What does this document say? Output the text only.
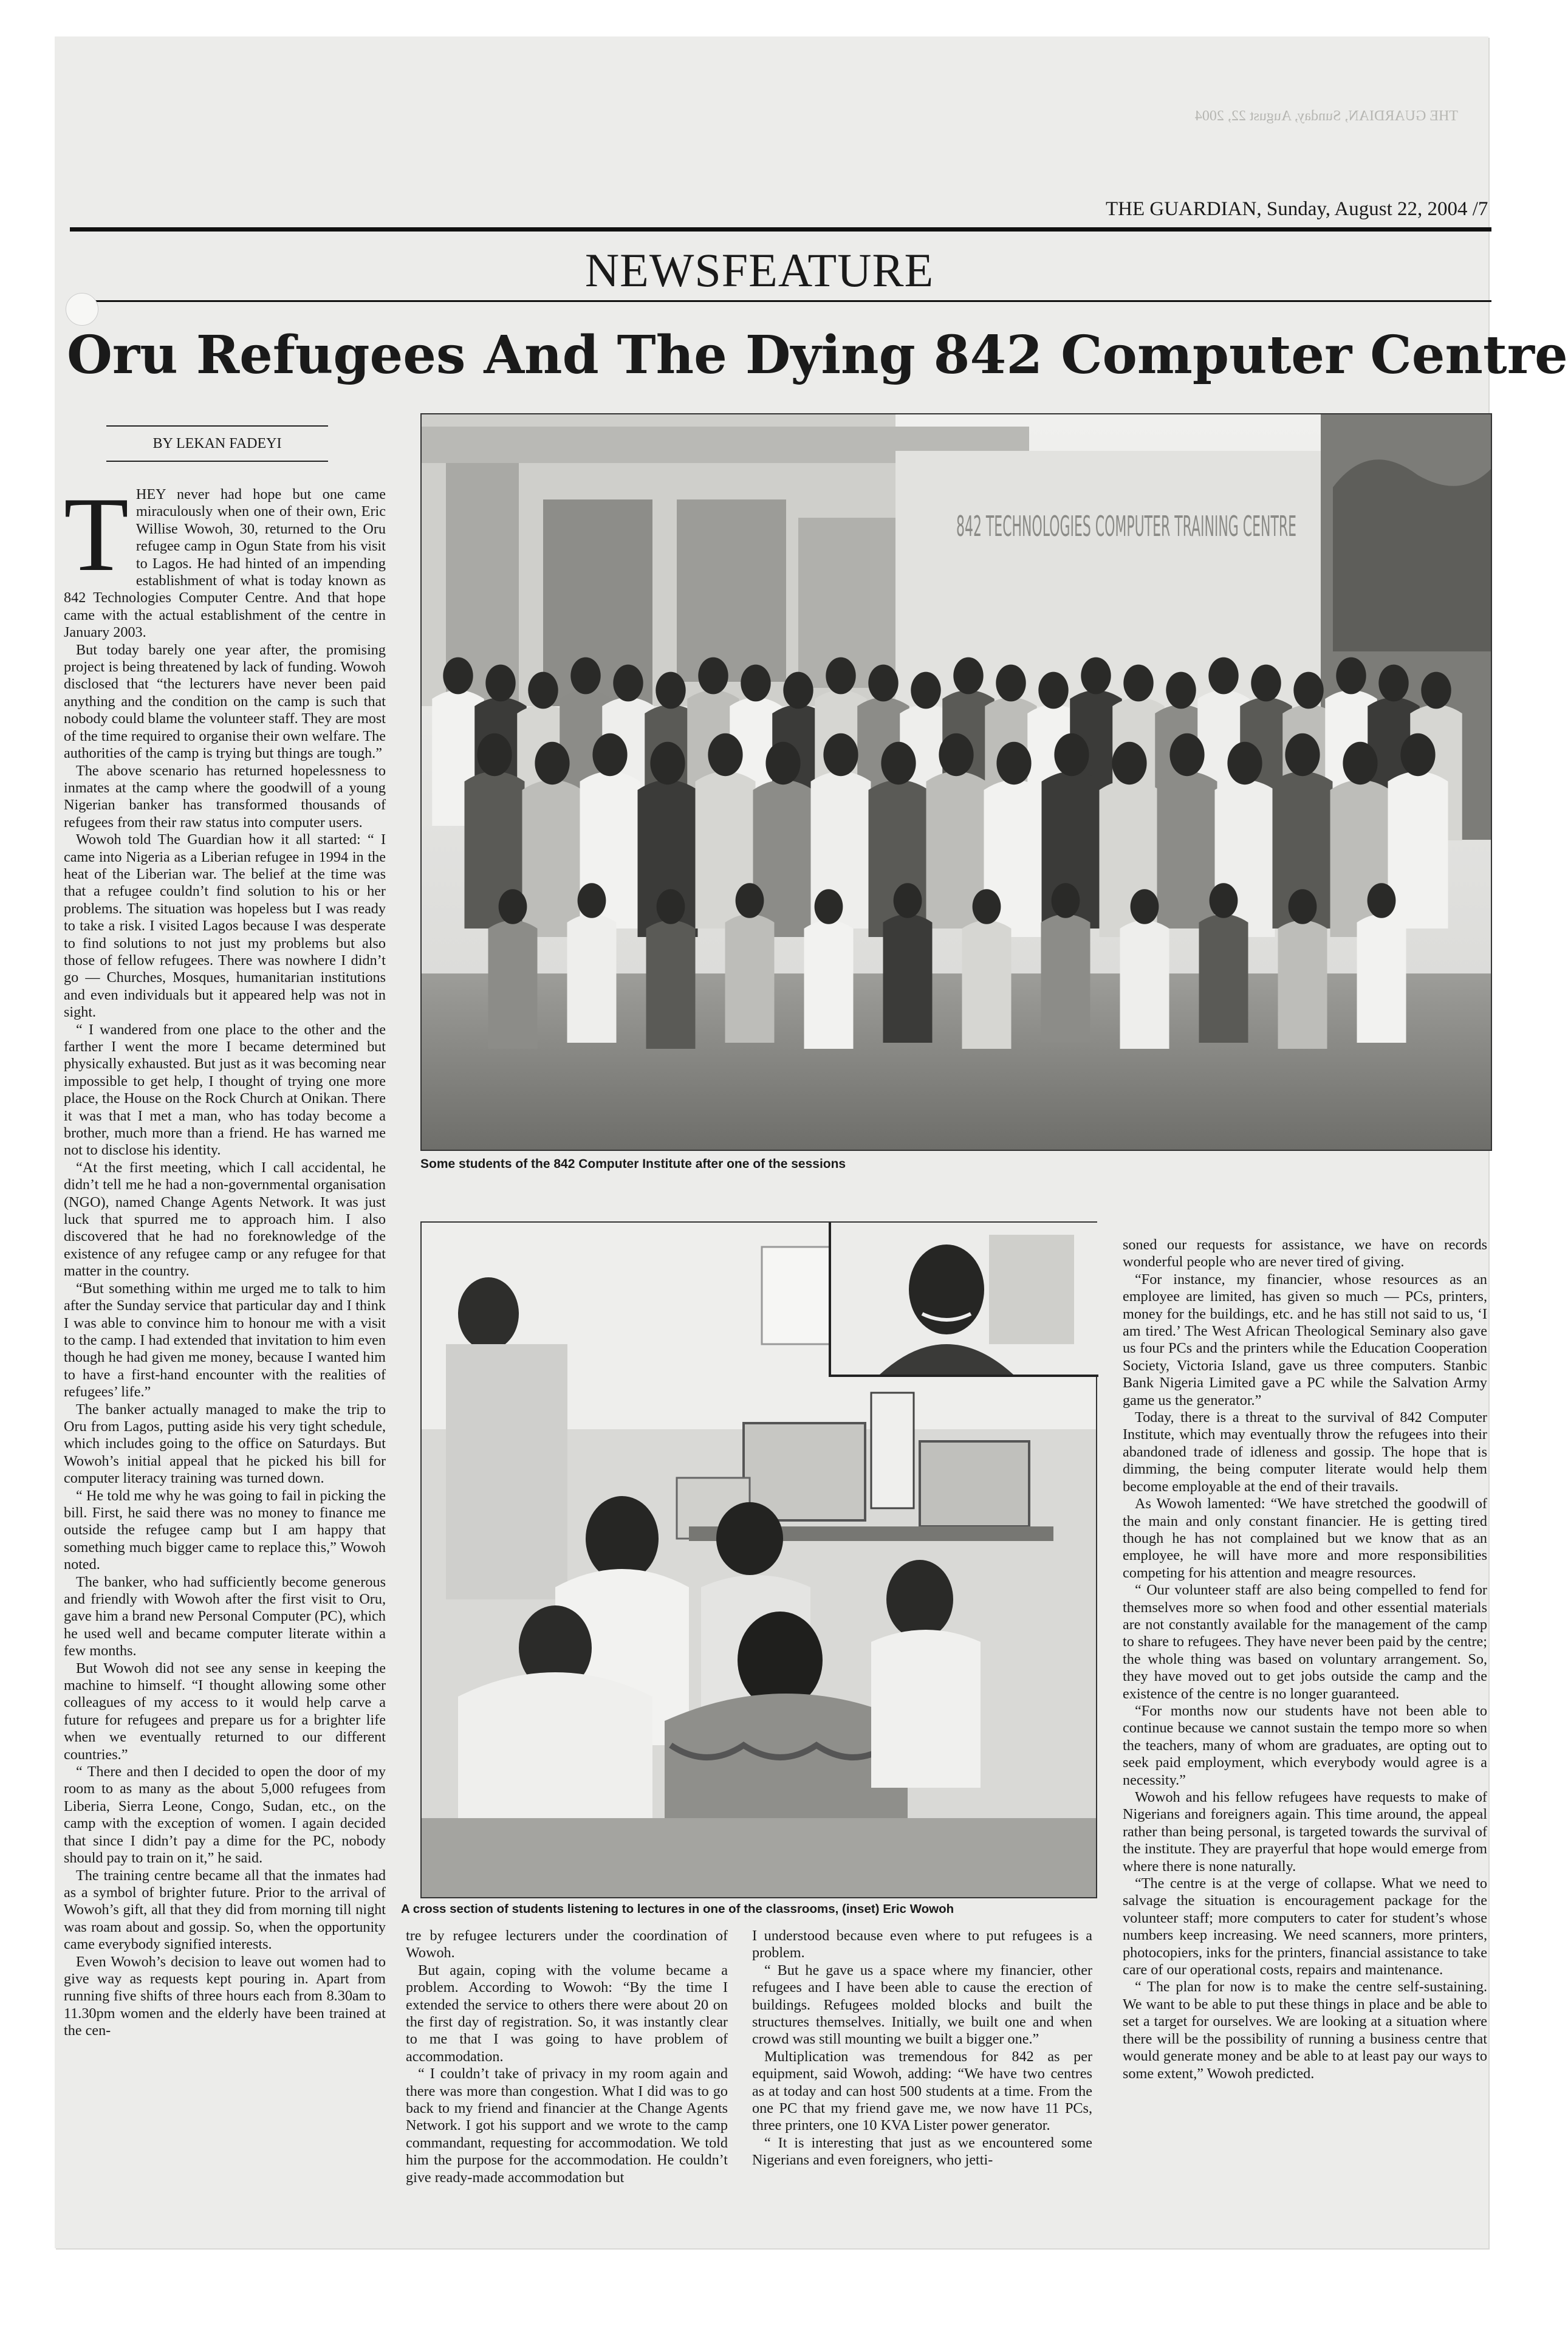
THE GUARDIAN, Sunday, August 22, 2004
THE GUARDIAN, Sunday, August 22, 2004 /7
NEWSFEATURE
Oru Refugees And The Dying 842 Computer Centre
BY LEKAN FADEYI
T HEY never had hope but one came miraculously when one of their own, Eric Willise Wowoh, 30, returned to the Oru refugee camp in Ogun State from his visit to Lagos. He had hinted of an impending establishment of what is today known as 842 Technologies Computer Centre. And that hope came with the actual establishment of the centre in January 2003.

But today barely one year after, the promising project is being threatened by lack of funding. Wowoh disclosed that “the lecturers have never been paid anything and the condition on the camp is such that nobody could blame the volunteer staff. They are most of the time required to organise their own welfare. The authorities of the camp is trying but things are tough.”

The above scenario has returned hopelessness to inmates at the camp where the goodwill of a young Nigerian banker has transformed thousands of refugees from their raw status into computer users.

Wowoh told The Guardian how it all started: “ I came into Nigeria as a Liberian refugee in 1994 in the heat of the Liberian war. The belief at the time was that a refugee couldn’t find solution to his or her problems. The situation was hopeless but I was ready to take a risk. I visited Lagos because I was desperate to find solutions to not just my problems but also those of fellow refugees. There was nowhere I didn’t go — Churches, Mosques, humanitarian institutions and even individuals but it appeared help was not in sight.

“ I wandered from one place to the other and the farther I went the more I became determined but physically exhausted. But just as it was becoming near impossible to get help, I thought of trying one more place, the House on the Rock Church at Onikan. There it was that I met a man, who has today become a brother, much more than a friend. He has warned me not to disclose his identity.

“At the first meeting, which I call accidental, he didn’t tell me he had a non-governmental organisation (NGO), named Change Agents Network. It was just luck that spurred me to approach him. I also discovered that he had no foreknowledge of the existence of any refugee camp or any refugee for that matter in the country.

“But something within me urged me to talk to him after the Sunday service that particular day and I think I was able to convince him to honour me with a visit to the camp. I had extended that invitation to him even though he had given me money, because I wanted him to have a first-hand encounter with the realities of refugees’ life.”

The banker actually managed to make the trip to Oru from Lagos, putting aside his very tight schedule, which includes going to the office on Saturdays. But Wowoh’s initial appeal that he picked his bill for computer literacy training was turned down.

“ He told me why he was going to fail in picking the bill. First, he said there was no money to finance me outside the refugee camp but I am happy that something much bigger came to replace this,” Wowoh noted.

The banker, who had sufficiently become generous and friendly with Wowoh after the first visit to Oru, gave him a brand new Personal Computer (PC), which he used well and became computer literate within a few months.

But Wowoh did not see any sense in keeping the machine to himself. “I thought allowing some other colleagues of my access to it would help carve a future for refugees and prepare us for a brighter life when we eventually returned to our different countries.”

“ There and then I decided to open the door of my room to as many as the about 5,000 refugees from Liberia, Sierra Leone, Congo, Sudan, etc., on the camp with the exception of women. I again decided that since I didn’t pay a dime for the PC, nobody should pay to train on it,” he said.

The training centre became all that the inmates had as a symbol of brighter future. Prior to the arrival of Wowoh’s gift, all that they did from morning till night was roam about and gossip. So, when the opportunity came everybody signified interests.

Even Wowoh’s decision to leave out women had to give way as requests kept pouring in. Apart from running five shifts of three hours each from 8.30am to 11.30pm women and the elderly have been trained at the cen-

842 TECHNOLOGIES COMPUTER TRAINING CENTRE
Some students of the 842 Computer Institute after one of the sessions
A cross section of students listening to lectures in one of the classrooms, (inset) Eric Wowoh

tre by refugee lecturers under the coordination of Wowoh.

But again, coping with the volume became a problem. According to Wowoh: “By the time I extended the service to others there were about 20 on the first day of registration. So, it was instantly clear to me that I was going to have problem of accommodation.

“ I couldn’t take of privacy in my room again and there was more than congestion. What I did was to go back to my friend and financier at the Change Agents Network. I got his support and we wrote to the camp commandant, requesting for accommodation. We told him the purpose for the accommodation. He couldn’t give ready-made accommodation but

I understood because even where to put refugees is a problem.

“ But he gave us a space where my financier, other refugees and I have been able to cause the erection of buildings. Refugees molded blocks and built the structures themselves. Initially, we built one and when crowd was still mounting we built a bigger one.”

Multiplication was tremendous for 842 as per equipment, said Wowoh, adding: “We have two centres as at today and can host 500 students at a time. From the one PC that my friend gave me, we now have 11 PCs, three printers, one 10 KVA Lister power generator.

“ It is interesting that just as we encountered some Nigerians and even foreigners, who jetti-

soned our requests for assistance, we have on records wonderful people who are never tired of giving.

“For instance, my financier, whose resources as an employee are limited, has given so much — PCs, printers, money for the buildings, etc. and he has still not said to us, ‘I am tired.’ The West African Theological Seminary also gave us four PCs and the printers while the Education Cooperation Society, Victoria Island, gave us three computers. Stanbic Bank Nigeria Limited gave a PC while the Salvation Army game us the generator.”

Today, there is a threat to the survival of 842 Computer Institute, which may eventually throw the refugees into their abandoned trade of idleness and gossip. The hope that is dimming, the being computer literate would help them become employable at the end of their travails.

As Wowoh lamented: “We have stretched the goodwill of the main and only constant financier. He is getting tired though he has not complained but we know that as an employee, he will have more and more responsibilities competing for his attention and meagre resources.

“ Our volunteer staff are also being compelled to fend for themselves more so when food and other essential materials are not constantly available for the management of the camp to share to refugees. They have never been paid by the centre; the whole thing was based on voluntary arrangement. So, they have moved out to get jobs outside the camp and the existence of the centre is no longer guaranteed.

“For months now our students have not been able to continue because we cannot sustain the tempo more so when the teachers, many of whom are graduates, are opting out to seek paid employment, which everybody would agree is a necessity.”

Wowoh and his fellow refugees have requests to make of Nigerians and foreigners again. This time around, the appeal rather than being personal, is targeted towards the survival of the institute. They are prayerful that hope would emerge from where there is none naturally.

“The centre is at the verge of collapse. What we need to salvage the situation is encouragement package for the volunteer staff; more computers to cater for student’s whose numbers keep increasing. We need scanners, more printers, photocopiers, inks for the printers, financial assistance to take care of our operational costs, repairs and maintenance.

“ The plan for now is to make the centre self-sustaining. We want to be able to put these things in place and be able to set a target for ourselves. We are looking at a situation where there will be the possibility of running a business centre that would generate money and be able to at least pay our ways to some extent,” Wowoh predicted.
